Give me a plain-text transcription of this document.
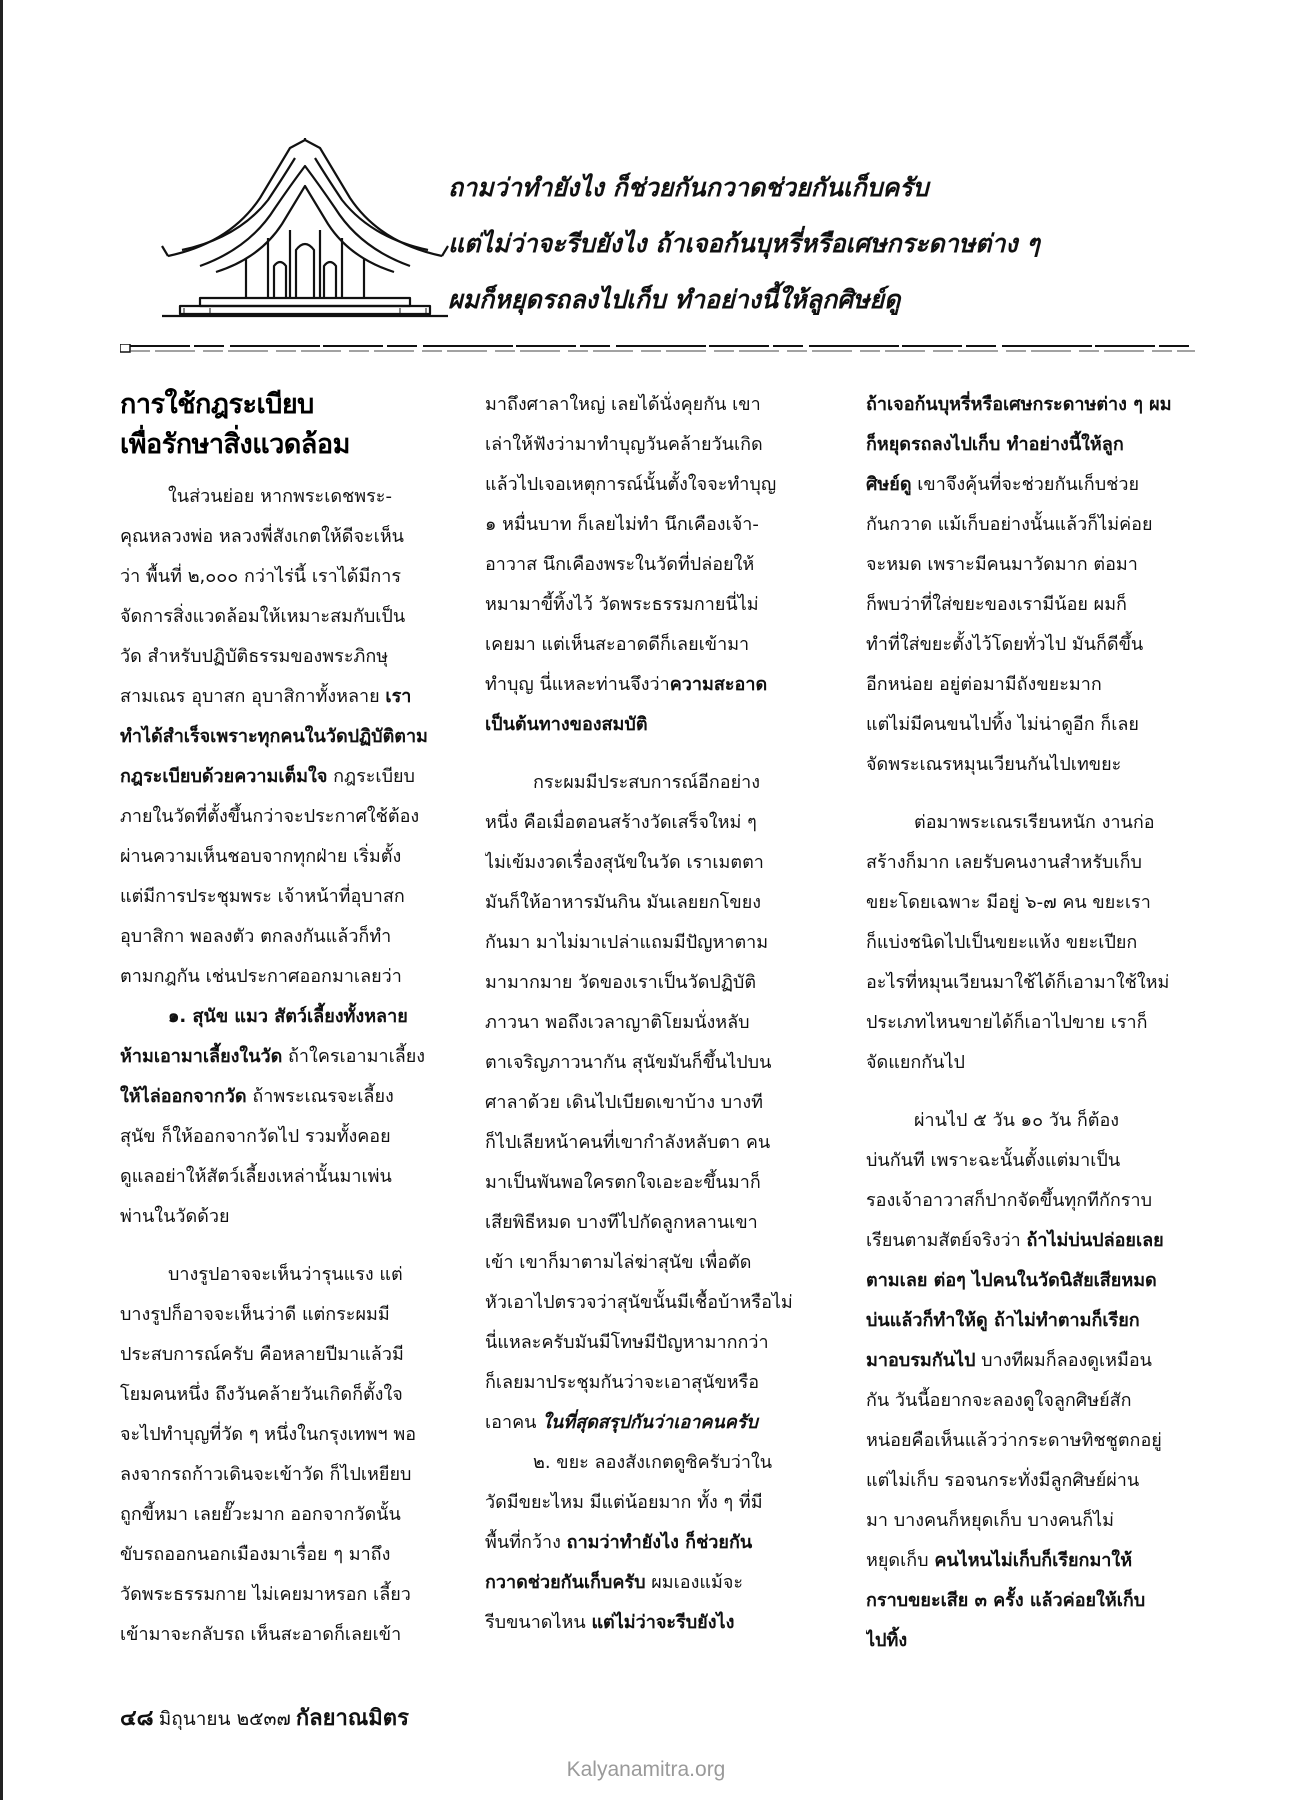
ถามว่าทำยังไง ก็ช่วยกันกวาดช่วยกันเก็บครับ
แต่ไม่ว่าจะรีบยังไง ถ้าเจอก้นบุหรี่หรือเศษกระดาษต่าง ๆ
ผมก็หยุดรถลงไปเก็บ ทำอย่างนี้ให้ลูกศิษย์ดู
การใช้กฎระเบียบ
เพื่อรักษาสิ่งแวดล้อม
ในส่วนย่อย หากพระเดชพระ-
คุณหลวงพ่อ หลวงพี่สังเกตให้ดีจะเห็น
ว่า พื้นที่ ๒,๐๐๐ กว่าไร่นี้ เราได้มีการ
จัดการสิ่งแวดล้อมให้เหมาะสมกับเป็น
วัด สำหรับปฏิบัติธรรมของพระภิกษุ
สามเณร อุบาสก อุบาสิกาทั้งหลาย เรา
ทำได้สำเร็จเพราะทุกคนในวัดปฏิบัติตาม
กฎระเบียบด้วยความเต็มใจ กฎระเบียบ
ภายในวัดที่ตั้งขึ้นกว่าจะประกาศใช้ต้อง
ผ่านความเห็นชอบจากทุกฝ่าย เริ่มตั้ง
แต่มีการประชุมพระ เจ้าหน้าที่อุบาสก
อุบาสิกา พอลงตัว ตกลงกันแล้วก็ทำ
ตามกฎกัน เช่นประกาศออกมาเลยว่า
๑. สุนัข แมว สัตว์เลี้ยงทั้งหลาย
ห้ามเอามาเลี้ยงในวัด ถ้าใครเอามาเลี้ยง
ให้ไล่ออกจากวัด ถ้าพระเณรจะเลี้ยง
สุนัข ก็ให้ออกจากวัดไป รวมทั้งคอย
ดูแลอย่าให้สัตว์เลี้ยงเหล่านั้นมาเพ่น
พ่านในวัดด้วย
บางรูปอาจจะเห็นว่ารุนแรง แต่
บางรูปก็อาจจะเห็นว่าดี แต่กระผมมี
ประสบการณ์ครับ คือหลายปีมาแล้วมี
โยมคนหนึ่ง ถึงวันคล้ายวันเกิดก็ตั้งใจ
จะไปทำบุญที่วัด ๆ หนึ่งในกรุงเทพฯ พอ
ลงจากรถก้าวเดินจะเข้าวัด ก็ไปเหยียบ
ถูกขี้หมา เลยยั๊วะมาก ออกจากวัดนั้น
ขับรถออกนอกเมืองมาเรื่อย ๆ มาถึง
วัดพระธรรมกาย ไม่เคยมาหรอก เลี้ยว
เข้ามาจะกลับรถ เห็นสะอาดก็เลยเข้า
มาถึงศาลาใหญ่ เลยได้นั่งคุยกัน เขา
เล่าให้ฟังว่ามาทำบุญวันคล้ายวันเกิด
แล้วไปเจอเหตุการณ์นั้นตั้งใจจะทำบุญ
๑ หมื่นบาท ก็เลยไม่ทำ นึกเคืองเจ้า-
อาวาส นึกเคืองพระในวัดที่ปล่อยให้
หมามาขี้ทิ้งไว้ วัดพระธรรมกายนี่ไม่
เคยมา แต่เห็นสะอาดดีก็เลยเข้ามา
ทำบุญ นี่แหละท่านจึงว่าความสะอาด
เป็นต้นทางของสมบัติ
กระผมมีประสบการณ์อีกอย่าง
หนึ่ง คือเมื่อตอนสร้างวัดเสร็จใหม่ ๆ
ไม่เข้มงวดเรื่องสุนัขในวัด เราเมตตา
มันก็ให้อาหารมันกิน มันเลยยกโขยง
กันมา มาไม่มาเปล่าแถมมีปัญหาตาม
มามากมาย วัดของเราเป็นวัดปฏิบัติ
ภาวนา พอถึงเวลาญาติโยมนั่งหลับ
ตาเจริญภาวนากัน สุนัขมันก็ขึ้นไปบน
ศาลาด้วย เดินไปเบียดเขาบ้าง บางที
ก็ไปเลียหน้าคนที่เขากำลังหลับตา คน
มาเป็นพันพอใครตกใจเอะอะขึ้นมาก็
เสียพิธีหมด บางทีไปกัดลูกหลานเขา
เข้า เขาก็มาตามไล่ฆ่าสุนัข เพื่อตัด
หัวเอาไปตรวจว่าสุนัขนั้นมีเชื้อบ้าหรือไม่
นี่แหละครับมันมีโทษมีปัญหามากกว่า
ก็เลยมาประชุมกันว่าจะเอาสุนัขหรือ
เอาคน ในที่สุดสรุปกันว่าเอาคนครับ
๒. ขยะ ลองสังเกตดูซิครับว่าใน
วัดมีขยะไหม มีแต่น้อยมาก ทั้ง ๆ ที่มี
พื้นที่กว้าง ถามว่าทำยังไง ก็ช่วยกัน
กวาดช่วยกันเก็บครับ ผมเองแม้จะ
รีบขนาดไหน แต่ไม่ว่าจะรีบยังไง
ถ้าเจอก้นบุหรี่หรือเศษกระดาษต่าง ๆ ผม
ก็หยุดรถลงไปเก็บ ทำอย่างนี้ให้ลูก
ศิษย์ดู เขาจึงคุ้นที่จะช่วยกันเก็บช่วย
กันกวาด แม้เก็บอย่างนั้นแล้วก็ไม่ค่อย
จะหมด เพราะมีคนมาวัดมาก ต่อมา
ก็พบว่าที่ใส่ขยะของเรามีน้อย ผมก็
ทำที่ใส่ขยะตั้งไว้โดยทั่วไป มันก็ดีขึ้น
อีกหน่อย อยู่ต่อมามีถังขยะมาก
แต่ไม่มีคนขนไปทิ้ง ไม่น่าดูอีก ก็เลย
จัดพระเณรหมุนเวียนกันไปเทขยะ
ต่อมาพระเณรเรียนหนัก งานก่อ
สร้างก็มาก เลยรับคนงานสำหรับเก็บ
ขยะโดยเฉพาะ มีอยู่ ๖-๗ คน ขยะเรา
ก็แบ่งชนิดไปเป็นขยะแห้ง ขยะเปียก
อะไรที่หมุนเวียนมาใช้ได้ก็เอามาใช้ใหม่
ประเภทไหนขายได้ก็เอาไปขาย เราก็
จัดแยกกันไป
ผ่านไป ๕ วัน ๑๐ วัน ก็ต้อง
บ่นกันที เพราะฉะนั้นตั้งแต่มาเป็น
รองเจ้าอาวาสก็ปากจัดขึ้นทุกทีกักราบ
เรียนตามสัตย์จริงว่า ถ้าไม่บ่นปล่อยเลย
ตามเลย ต่อๆ ไปคนในวัดนิสัยเสียหมด
บ่นแล้วก็ทำให้ดู ถ้าไม่ทำตามก็เรียก
มาอบรมกันไป บางทีผมก็ลองดูเหมือน
กัน วันนี้อยากจะลองดูใจลูกศิษย์สัก
หน่อยคือเห็นแล้วว่ากระดาษทิชชูตกอยู่
แต่ไม่เก็บ รอจนกระทั่งมีลูกศิษย์ผ่าน
มา บางคนก็หยุดเก็บ บางคนก็ไม่
หยุดเก็บ คนไหนไม่เก็บก็เรียกมาให้
กราบขยะเสีย ๓ ครั้ง แล้วค่อยให้เก็บ
ไปทิ้ง
๔๘ มิถุนายน ๒๕๓๗ กัลยาณมิตร
Kalyanamitra.org
